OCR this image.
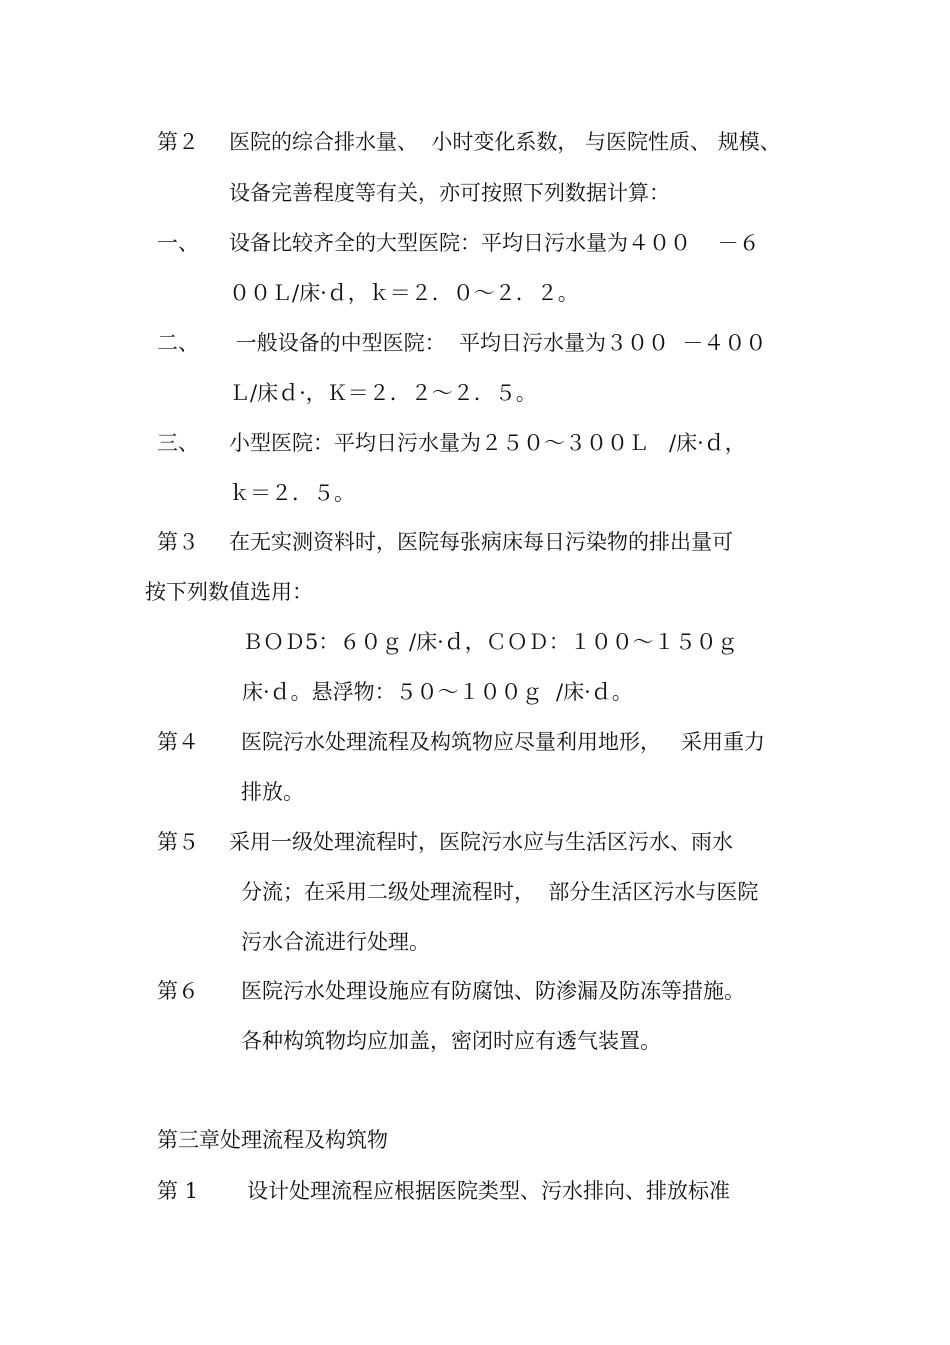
第２ 医院的综合排水量、  小时变化系数， 与医院性质、 规模、
设备完善程度等有关，亦可按照下列数据计算：
一、 设备比较齐全的大型医院：平均日污水量为４００    －６
００Ｌ/床·ｄ，ｋ＝２．０～２．２。
二、 一般设备的中型医院：  平均日污水量为３００  －４００
Ｌ/床ｄ·，Ｋ＝２．２～２．５。
三、 小型医院：平均日污水量为２５０～３００Ｌ   /床·ｄ，
ｋ＝２．５。
第３ 在无实测资料时，医院每张病床每日污染物的排出量可
按下列数值选用：
ＢＯＤ5：６０ｇ /床·ｄ，ＣＯＤ：１００～１５０ｇ
床·ｄ。悬浮物：５０～１００ｇ  /床·ｄ。
第４ 医院污水处理流程及构筑物应尽量利用地形，   采用重力
排放。
第５ 采用一级处理流程时，医院污水应与生活区污水、雨水
分流；在采用二级处理流程时，  部分生活区污水与医院
污水合流进行处理。
第６ 医院污水处理设施应有防腐蚀、防渗漏及防冻等措施。
各种构筑物均应加盖，密闭时应有透气装置。
第三章处理流程及构筑物
第 1 设计处理流程应根据医院类型、污水排向、排放标准
